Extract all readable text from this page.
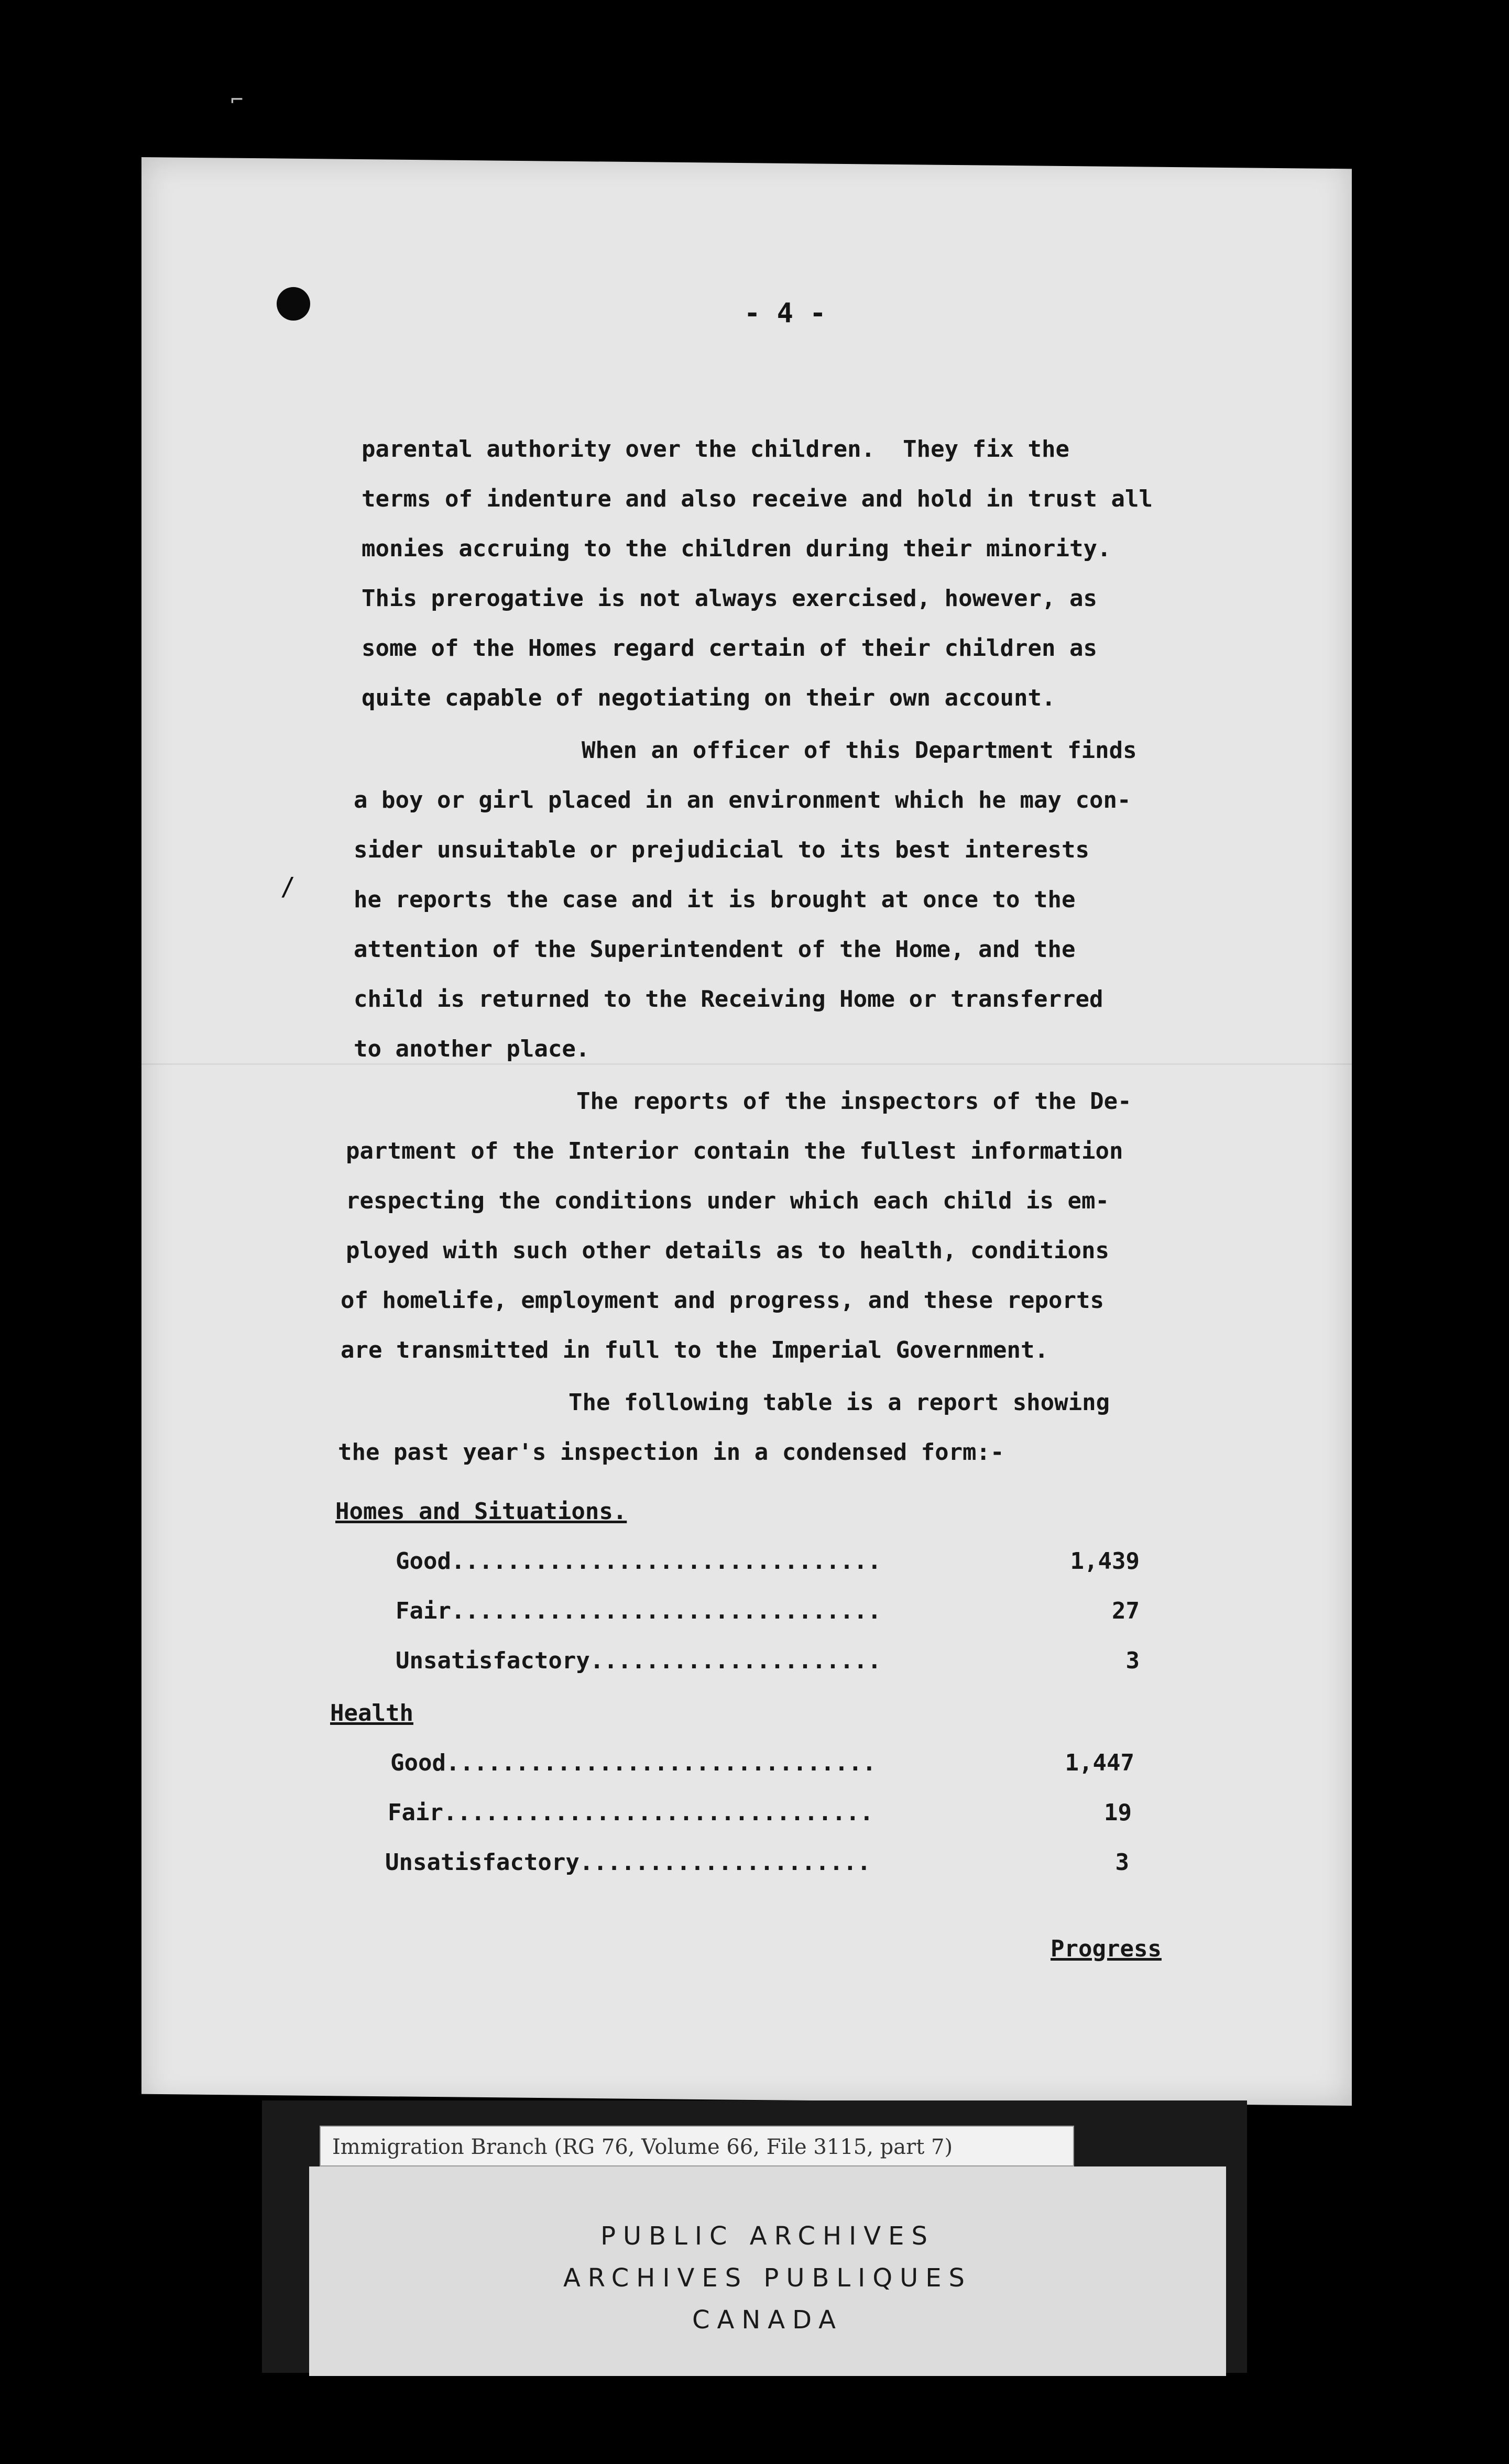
⌐
- 4 -
/
parental authority over the children.  They fix the
terms of indenture and also receive and hold in trust all
monies accruing to the children during their minority.
This prerogative is not always exercised, however, as
some of the Homes regard certain of their children as
quite capable of negotiating on their own account.
When an officer of this Department finds
a boy or girl placed in an environment which he may con-
sider unsuitable or prejudicial to its best interests
he reports the case and it is brought at once to the
attention of the Superintendent of the Home, and the
child is returned to the Receiving Home or transferred
to another place.
The reports of the inspectors of the De-
partment of the Interior contain the fullest information
respecting the conditions under which each child is em-
ployed with such other details as to health, conditions
of homelife, employment and progress, and these reports
are transmitted in full to the Imperial Government.
The following table is a report showing
the past year's inspection in a condensed form:-
Homes and Situations.
Good...............................	1,439
Fair...............................	27
Unsatisfactory.....................	3
Health
Good...............................	1,447
Fair...............................	19
Unsatisfactory.....................	3
Progress
PUBLIC ARCHIVES
ARCHIVES PUBLIQUES
CANADA
Immigration Branch (RG 76, Volume 66, File 3115, part 7)
